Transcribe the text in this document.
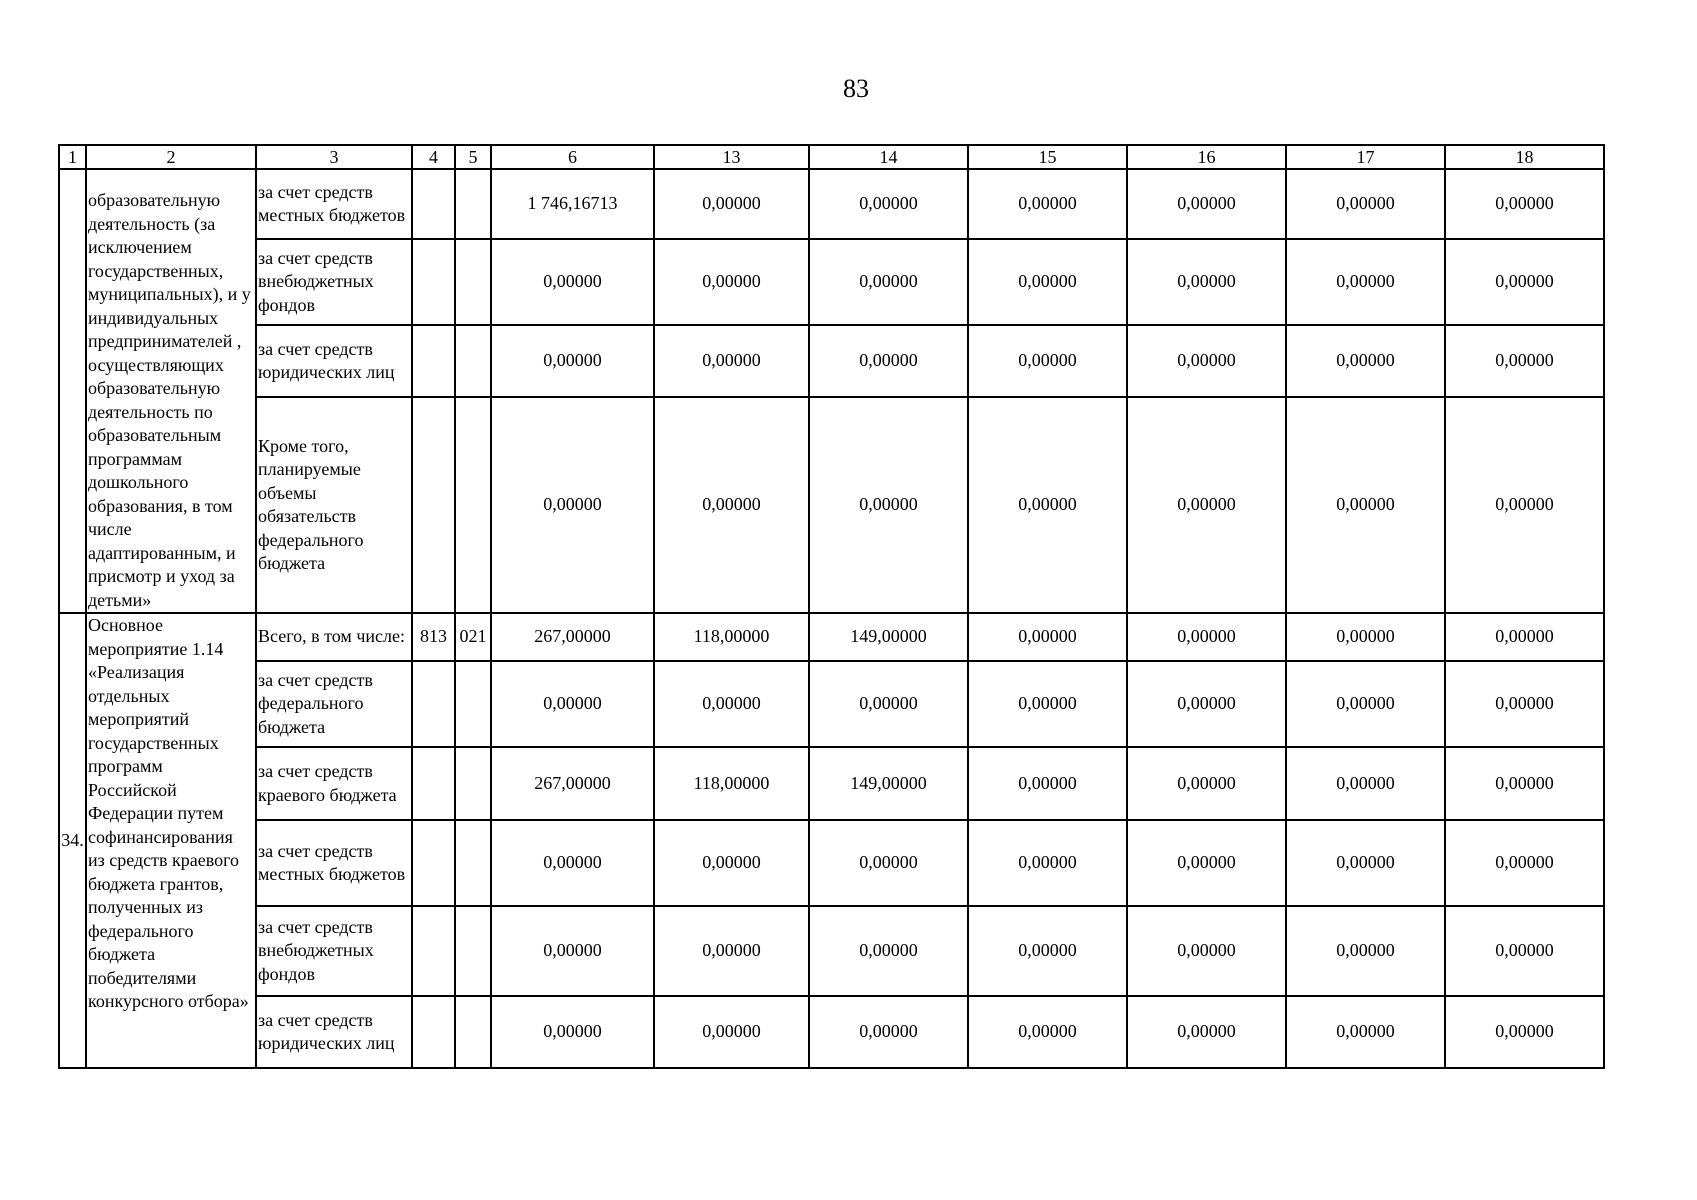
83
1	2	3	4	5	6	13	14	15	16	17	18
	образовательную деятельность (за исключением государственных, муниципальных), и у индивидуальных предпринимателей , осуществляющих образовательную деятельность по образовательным программам дошкольного образования, в том числе адаптированным, и присмотр и уход за детьми»	за счет средств местных бюджетов			1 746,16713	0,00000	0,00000	0,00000	0,00000	0,00000	0,00000
		за счет средств внебюджетных фондов			0,00000	0,00000	0,00000	0,00000	0,00000	0,00000	0,00000
		за счет средств юридических лиц			0,00000	0,00000	0,00000	0,00000	0,00000	0,00000	0,00000
		Кроме того, планируемые объемы обязательств федерального бюджета			0,00000	0,00000	0,00000	0,00000	0,00000	0,00000	0,00000
34.	Основное мероприятие 1.14 «Реализация отдельных мероприятий государственных программ Российской Федерации путем софинансирования из средств краевого бюджета грантов, полученных из федерального бюджета победителями конкурсного отбора»	Всего, в том числе:	813	021	267,00000	118,00000	149,00000	0,00000	0,00000	0,00000	0,00000
		за счет средств федерального бюджета			0,00000	0,00000	0,00000	0,00000	0,00000	0,00000	0,00000
		за счет средств краевого бюджета			267,00000	118,00000	149,00000	0,00000	0,00000	0,00000	0,00000
		за счет средств местных бюджетов			0,00000	0,00000	0,00000	0,00000	0,00000	0,00000	0,00000
		за счет средств внебюджетных фондов			0,00000	0,00000	0,00000	0,00000	0,00000	0,00000	0,00000
		за счет средств юридических лиц			0,00000	0,00000	0,00000	0,00000	0,00000	0,00000	0,00000
